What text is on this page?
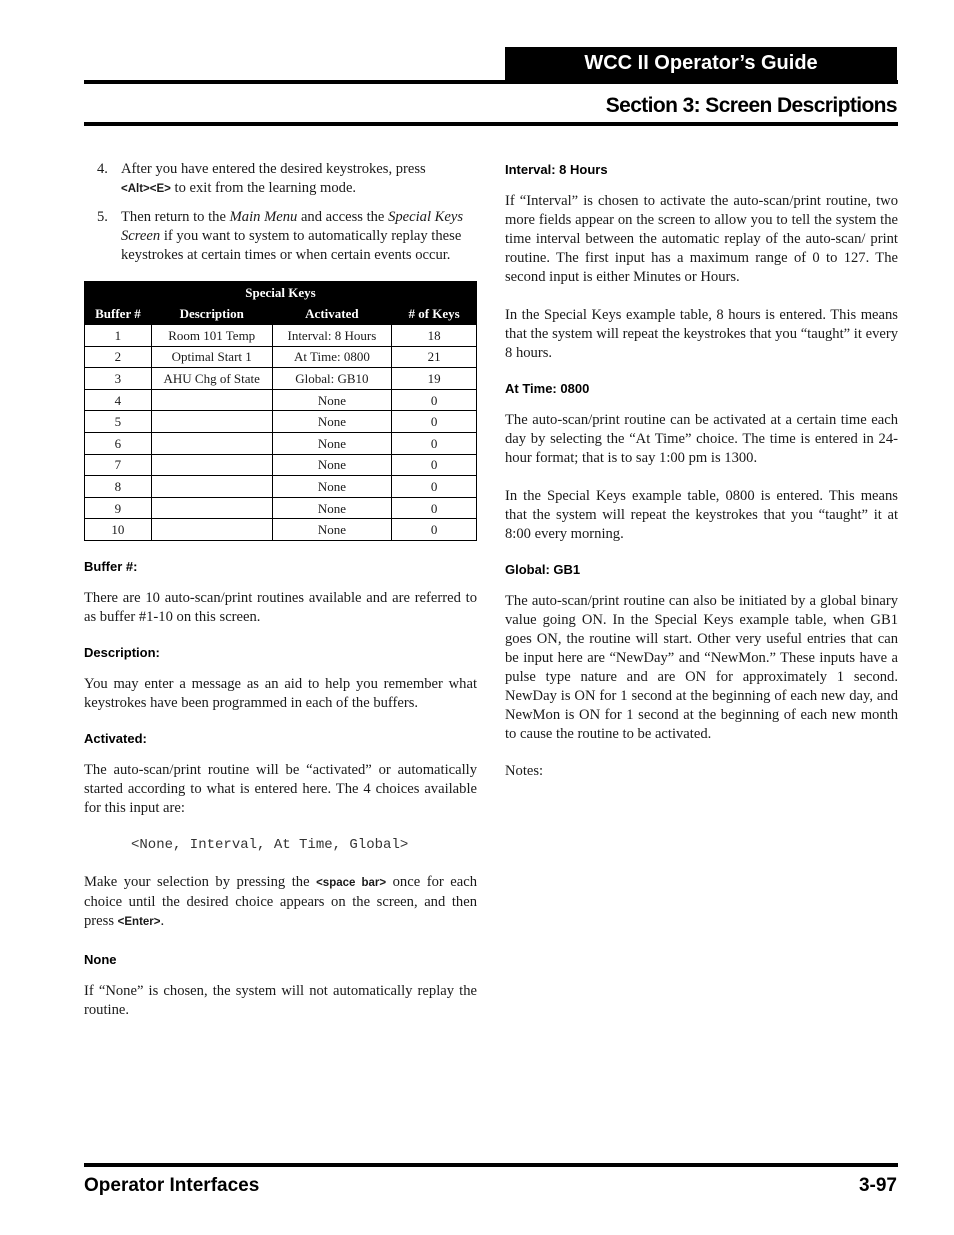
WCC II Operator’s Guide
Section 3: Screen Descriptions
4. After you have entered the desired keystrokes, press
<Alt><E> to exit from the learning mode.
5. Then return to the Main Menu and access the Special Keys Screen if you want to system to automatically replay these keystrokes at certain times or when certain events occur.
Special Keys			
Buffer #	Description	Activated	# of Keys
1	Room 101 Temp	Interval: 8 Hours	18
2	Optimal Start 1	At Time: 0800	21
3	AHU Chg of State	Global: GB10	19
4		None	0
5		None	0
6		None	0
7		None	0
8		None	0
9		None	0
10		None	0

Buffer #:

There are 10 auto-scan/print routines available and are referred to as buffer #1-10 on this screen.

Description:

You may enter a message as an aid to help you remember what keystrokes have been programmed in each of the buffers.

Activated:

The auto-scan/print routine will be “activated” or automatically started according to what is entered here. The 4 choices available for this input are:

<None, Interval, At Time, Global>

Make your selection by pressing the <space bar> once for each choice until the desired choice appears on the screen, and then press <Enter>.

None

If “None” is chosen, the system will not automatically replay the routine.

Interval: 8 Hours

If “Interval” is chosen to activate the auto-scan/print routine, two more fields appear on the screen to allow you to tell the system the time interval between the automatic replay of the auto-scan/ print routine. The first input has a maximum range of 0 to 127. The second input is either Minutes or Hours.

In the Special Keys example table, 8 hours is entered. This means that the system will repeat the keystrokes that you “taught” it every 8 hours.

At Time: 0800

The auto-scan/print routine can be activated at a certain time each day by selecting the “At Time” choice. The time is entered in 24-hour format; that is to say 1:00 pm is 1300.

In the Special Keys example table, 0800 is entered. This means that the system will repeat the keystrokes that you “taught” it at 8:00 every morning.

Global: GB1

The auto-scan/print routine can also be initiated by a global binary value going ON. In the Special Keys example table, when GB1 goes ON, the routine will start. Other very useful entries that can be input here are “NewDay” and “NewMon.” These inputs have a pulse type nature and are ON for approximately 1 second. NewDay is ON for 1 second at the beginning of each new day, and NewMon is ON for 1 second at the beginning of each new month to cause the routine to be activated.

Notes:

Operator Interfaces	3-97
